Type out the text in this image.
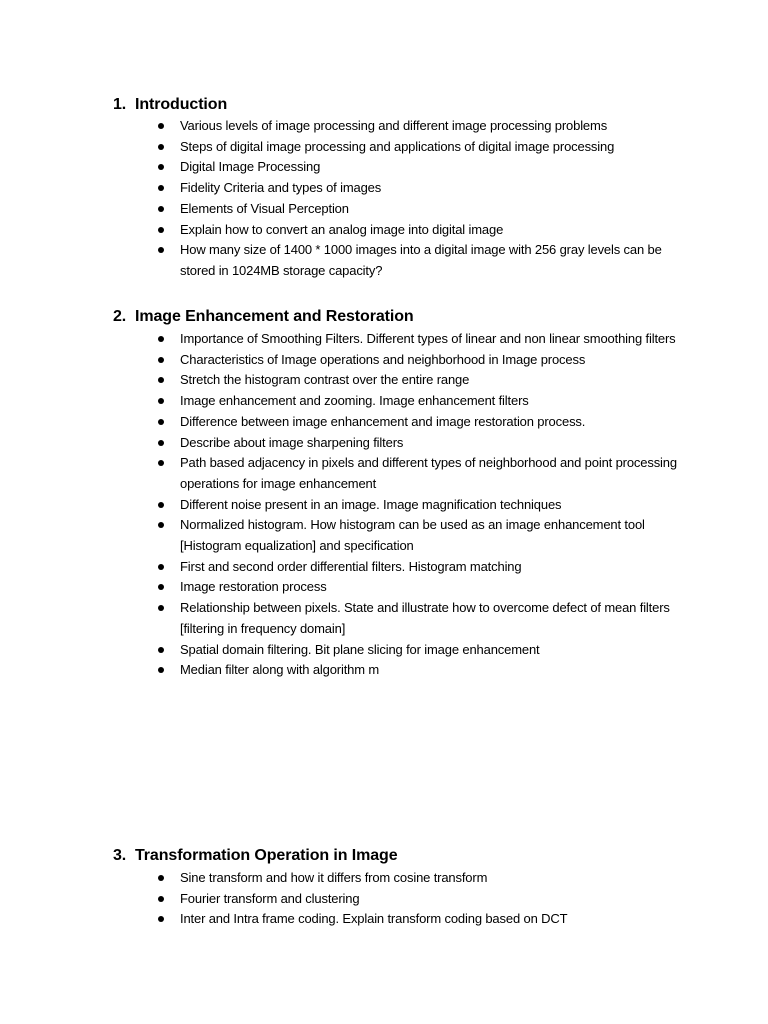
1. Introduction
Various levels of image processing and different image processing problems
Steps of digital image processing and applications of digital image processing
Digital Image Processing
Fidelity Criteria and types of images
Elements of Visual Perception
Explain how to convert an analog image into digital image
How many size of 1400 * 1000 images into a digital image with 256 gray levels can be stored in 1024MB storage capacity?
2. Image Enhancement and Restoration
Importance of Smoothing Filters. Different types of linear and non linear smoothing filters
Characteristics of Image operations and neighborhood in Image process
Stretch the histogram contrast over the entire range
Image enhancement and zooming. Image enhancement filters
Difference between image enhancement and image restoration process.
Describe about image sharpening filters
Path based adjacency in pixels and different types of neighborhood and point processing operations for image enhancement
Different noise present in an image. Image magnification techniques
Normalized histogram. How histogram can be used as an image enhancement tool [Histogram equalization] and specification
First and second order differential filters. Histogram matching
Image restoration process
Relationship between pixels. State and illustrate how to overcome defect of mean filters [filtering in frequency domain]
Spatial domain filtering. Bit plane slicing for image enhancement
Median filter along with algorithm m
3. Transformation Operation in Image
Sine transform and how it differs from cosine transform
Fourier transform and clustering
Inter and Intra frame coding. Explain transform coding based on DCT
